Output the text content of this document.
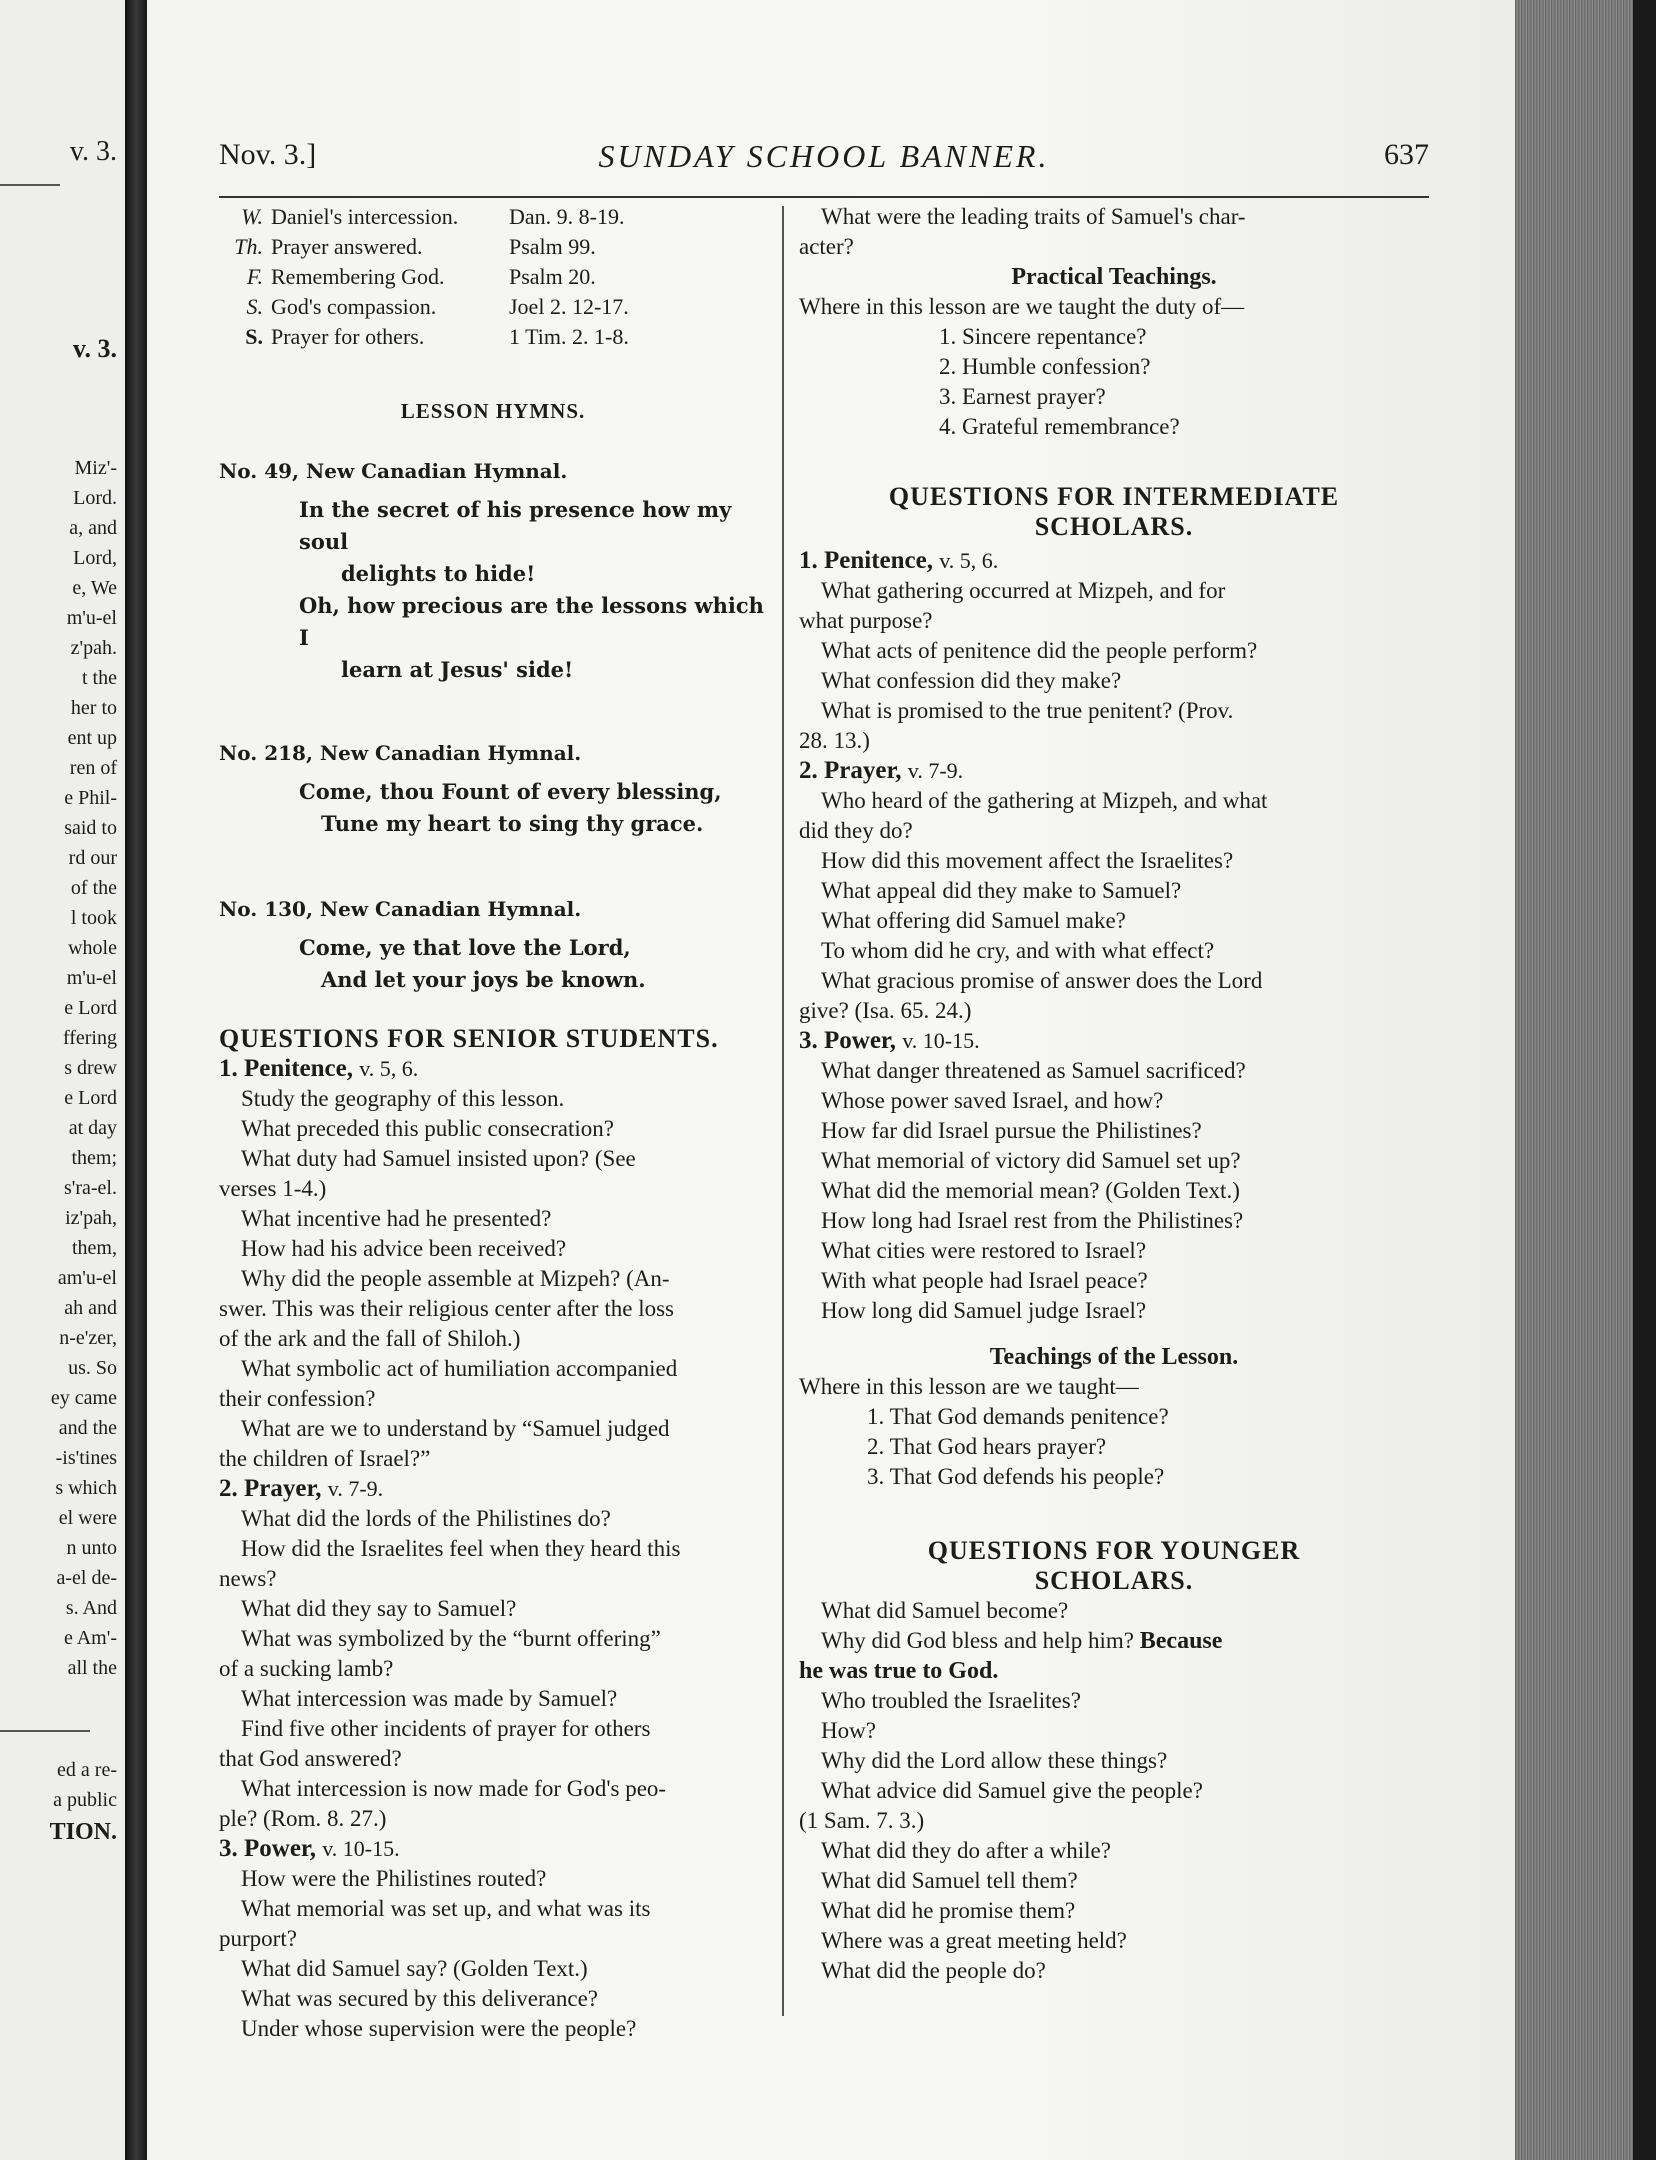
v. 3.
v. 3.
Miz'-
Lord.
a, and
Lord,
e, We
m'u-el
z'pah.
t the
her to
ent up
ren of
e Phil-
said to
rd our
of the
l took
whole
m'u-el
e Lord
ffering
s drew
e Lord
at day
them;
s'ra-el.
iz'pah,
them,
am'u-el
ah and
n-e'zer,
us. So
ey came
and the
-is'tines
s which
el were
n unto
a-el de-
s. And
e Am'-
all the
ed a re-
a public
TION.
Nov. 3.]	SUNDAY SCHOOL BANNER.	637
W. Daniel's intercession.	Dan. 9. 8-19.
Th. Prayer answered.	Psalm 99.
F. Remembering God.	Psalm 20.
S. God's compassion.	Joel 2. 12-17.
S. Prayer for others.	1 Tim. 2. 1-8.

LESSON HYMNS.

No. 49, New Canadian Hymnal.

In the secret of his presence how my soul

delights to hide!

Oh, how precious are the lessons which I

learn at Jesus' side!

No. 218, New Canadian Hymnal.

Come, thou Fount of every blessing,

Tune my heart to sing thy grace.

No. 130, New Canadian Hymnal.

Come, ye that love the Lord,

And let your joys be known.

QUESTIONS FOR SENIOR STUDENTS.

1. Penitence, v. 5, 6.

Study the geography of this lesson.

What preceded this public consecration?

What duty had Samuel insisted upon? (See

verses 1-4.)

What incentive had he presented?

How had his advice been received?

Why did the people assemble at Mizpeh? (An-

swer. This was their religious center after the loss

of the ark and the fall of Shiloh.)

What symbolic act of humiliation accompanied

their confession?

What are we to understand by “Samuel judged

the children of Israel?”

2. Prayer, v. 7-9.

What did the lords of the Philistines do?

How did the Israelites feel when they heard this

news?

What did they say to Samuel?

What was symbolized by the “burnt offering”

of a sucking lamb?

What intercession was made by Samuel?

Find five other incidents of prayer for others

that God answered?

What intercession is now made for God's peo-

ple? (Rom. 8. 27.)

3. Power, v. 10-15.

How were the Philistines routed?

What memorial was set up, and what was its

purport?

What did Samuel say? (Golden Text.)

What was secured by this deliverance?

Under whose supervision were the people?

What were the leading traits of Samuel's char-

acter?

Practical Teachings.

Where in this lesson are we taught the duty of—

1. Sincere repentance?

2. Humble confession?

3. Earnest prayer?

4. Grateful remembrance?

QUESTIONS FOR INTERMEDIATE

SCHOLARS.

1. Penitence, v. 5, 6.

What gathering occurred at Mizpeh, and for

what purpose?

What acts of penitence did the people perform?

What confession did they make?

What is promised to the true penitent? (Prov.

28. 13.)

2. Prayer, v. 7-9.

Who heard of the gathering at Mizpeh, and what

did they do?

How did this movement affect the Israelites?

What appeal did they make to Samuel?

What offering did Samuel make?

To whom did he cry, and with what effect?

What gracious promise of answer does the Lord

give? (Isa. 65. 24.)

3. Power, v. 10-15.

What danger threatened as Samuel sacrificed?

Whose power saved Israel, and how?

How far did Israel pursue the Philistines?

What memorial of victory did Samuel set up?

What did the memorial mean? (Golden Text.)

How long had Israel rest from the Philistines?

What cities were restored to Israel?

With what people had Israel peace?

How long did Samuel judge Israel?

Teachings of the Lesson.

Where in this lesson are we taught—

1. That God demands penitence?

2. That God hears prayer?

3. That God defends his people?

QUESTIONS FOR YOUNGER

SCHOLARS.

What did Samuel become?

Why did God bless and help him? Because

he was true to God.

Who troubled the Israelites?

How?

Why did the Lord allow these things?

What advice did Samuel give the people?

(1 Sam. 7. 3.)

What did they do after a while?

What did Samuel tell them?

What did he promise them?

Where was a great meeting held?

What did the people do?
